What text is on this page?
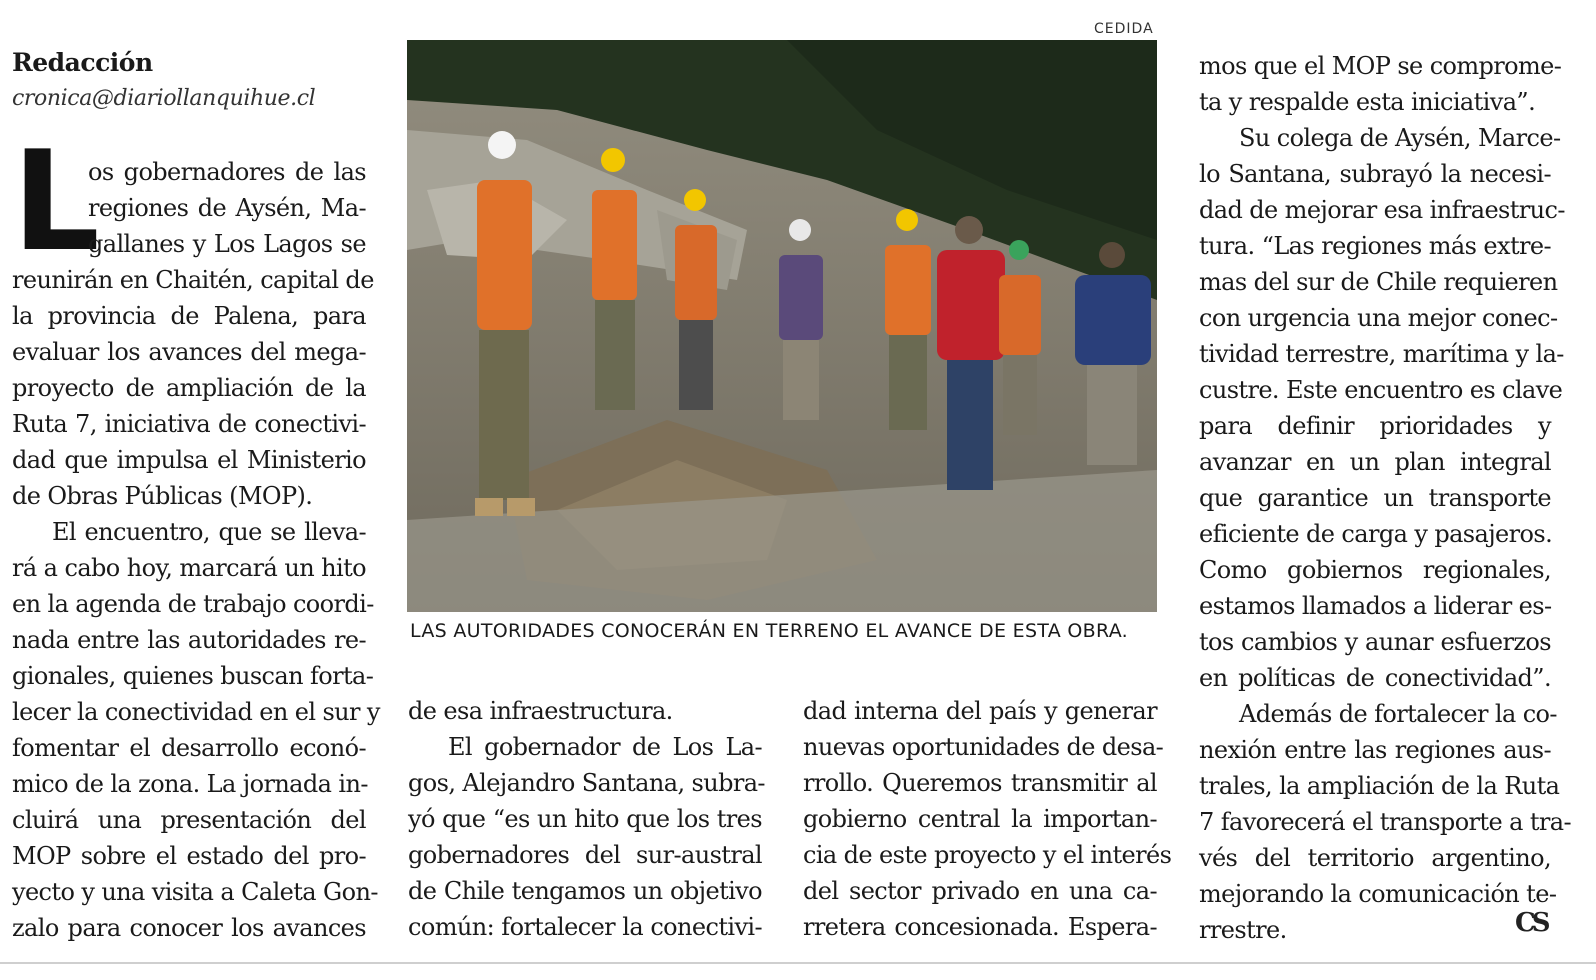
Redacción
cronica@diariollanquihue.cl
L
os gobernadores de las
regiones de Aysén, Ma-
gallanes y Los Lagos se
reunirán en Chaitén, capital de
la provincia de Palena, para
evaluar los avances del mega-
proyecto de ampliación de la
Ruta 7, iniciativa de conectivi-
dad que impulsa el Ministerio
de Obras Públicas (MOP).
El encuentro, que se lleva-
rá a cabo hoy, marcará un hito
en la agenda de trabajo coordi-
nada entre las autoridades re-
gionales, quienes buscan forta-
lecer la conectividad en el sur y
fomentar el desarrollo econó-
mico de la zona. La jornada in-
cluirá una presentación del
MOP sobre el estado del pro-
yecto y una visita a Caleta Gon-
zalo para conocer los avances
CEDIDA
LAS AUTORIDADES CONOCERÁN EN TERRENO EL AVANCE DE ESTA OBRA.
de esa infraestructura.
El gobernador de Los La-
gos, Alejandro Santana, subra-
yó que “es un hito que los tres
gobernadores del sur-austral
de Chile tengamos un objetivo
común: fortalecer la conectivi-
dad interna del país y generar
nuevas oportunidades de desa-
rrollo. Queremos transmitir al
gobierno central la importan-
cia de este proyecto y el interés
del sector privado en una ca-
rretera concesionada. Espera-
mos que el MOP se comprome-
ta y respalde esta iniciativa”.
Su colega de Aysén, Marce-
lo Santana, subrayó la necesi-
dad de mejorar esa infraestruc-
tura. “Las regiones más extre-
mas del sur de Chile requieren
con urgencia una mejor conec-
tividad terrestre, marítima y la-
custre. Este encuentro es clave
para definir prioridades y
avanzar en un plan integral
que garantice un transporte
eficiente de carga y pasajeros.
Como gobiernos regionales,
estamos llamados a liderar es-
tos cambios y aunar esfuerzos
en políticas de conectividad”.
Además de fortalecer la co-
nexión entre las regiones aus-
trales, la ampliación de la Ruta
7 favorecerá el transporte a tra-
vés del territorio argentino,
mejorando la comunicación te-
rrestre.	CS
